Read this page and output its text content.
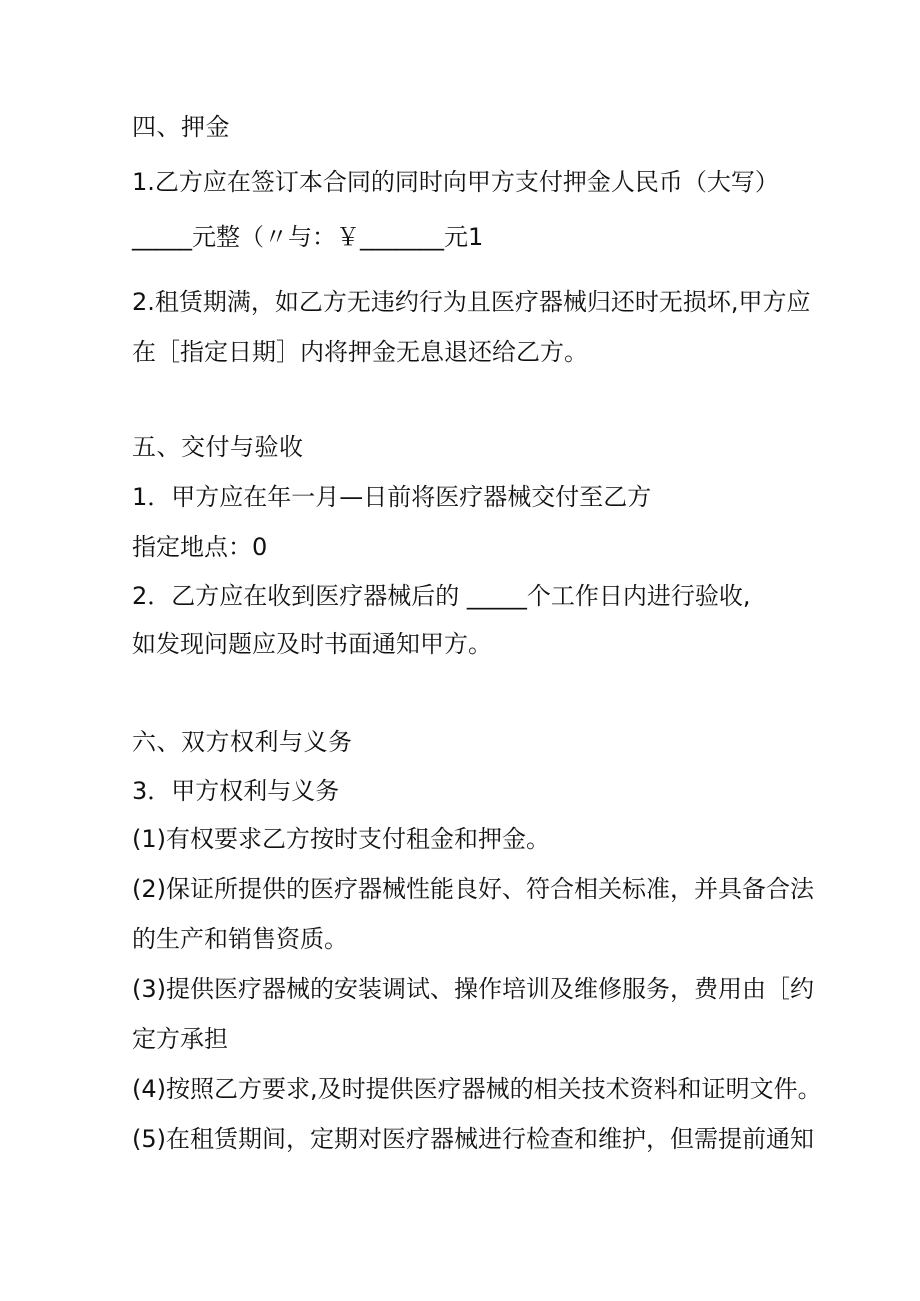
四、押金
1.乙方应在签订本合同的同时向甲方支付押金人民币（大写）
_____元整（〃与：￥_______元1
2.租赁期满，如乙方无违约行为且医疗器械归还时无损坏,甲方应
在［指定日期］内将押金无息退还给乙方。
五、交付与验收
1．甲方应在年一月—日前将医疗器械交付至乙方
指定地点：0
2．乙方应在收到医疗器械后的 _____个工作日内进行验收,
如发现问题应及时书面通知甲方。
六、双方权利与义务
3．甲方权利与义务
(1)有权要求乙方按时支付租金和押金。
(2)保证所提供的医疗器械性能良好、符合相关标准，并具备合法
的生产和销售资质。
(3)提供医疗器械的安装调试、操作培训及维修服务，费用由［约
定方承担
(4)按照乙方要求,及时提供医疗器械的相关技术资料和证明文件。
(5)在租赁期间，定期对医疗器械进行检查和维护，但需提前通知
